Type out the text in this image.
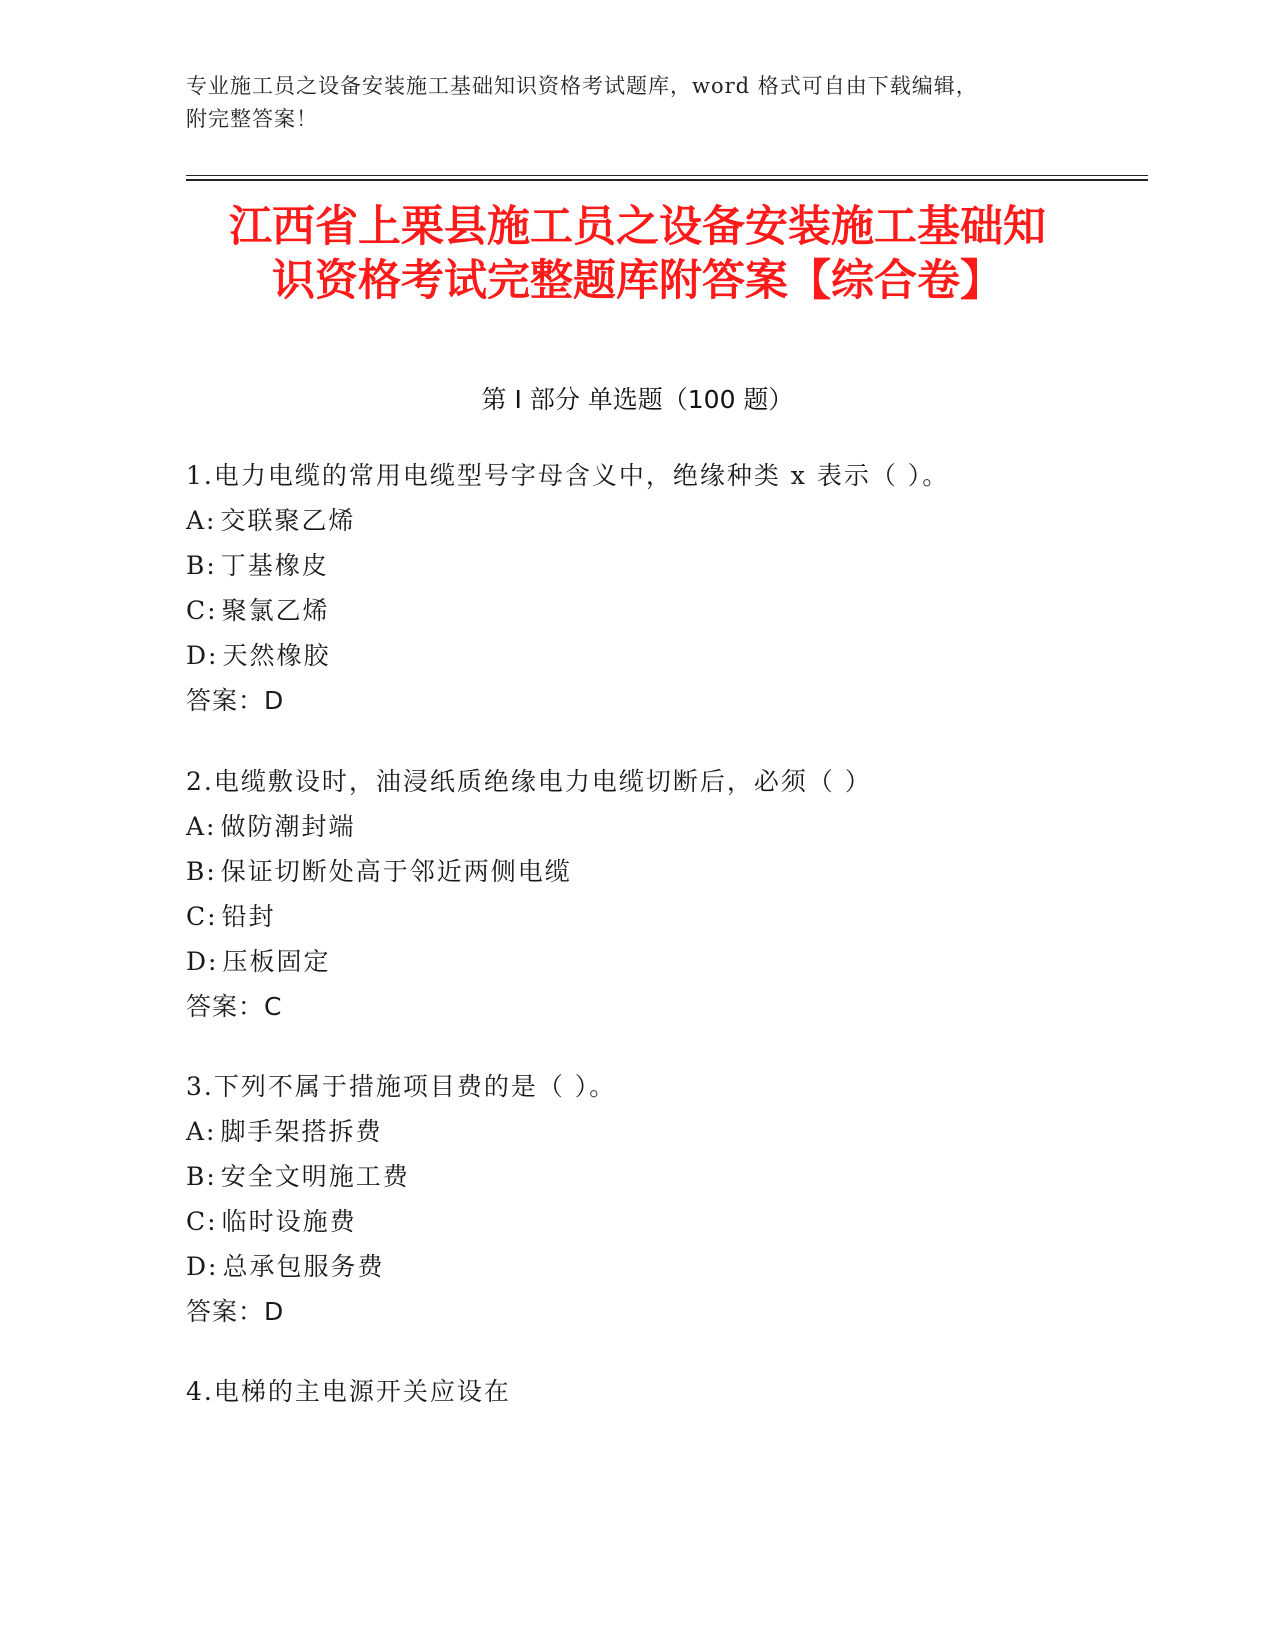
专业施工员之设备安装施工基础知识资格考试题库，word 格式可自由下载编辑，
附完整答案！
江西省上栗县施工员之设备安装施工基础知
识资格考试完整题库附答案【综合卷】
第 I 部分 单选题（100 题）
1.电力电缆的常用电缆型号字母含义中，绝缘种类 x 表示（ ）。
A: 交联聚乙烯
B: 丁基橡皮
C: 聚氯乙烯
D: 天然橡胶
答案：D
2.电缆敷设时，油浸纸质绝缘电力电缆切断后，必须（ ）
A: 做防潮封端
B: 保证切断处高于邻近两侧电缆
C: 铅封
D: 压板固定
答案：C
3.下列不属于措施项目费的是（ ）。
A: 脚手架搭拆费
B: 安全文明施工费
C: 临时设施费
D: 总承包服务费
答案：D
4.电梯的主电源开关应设在
